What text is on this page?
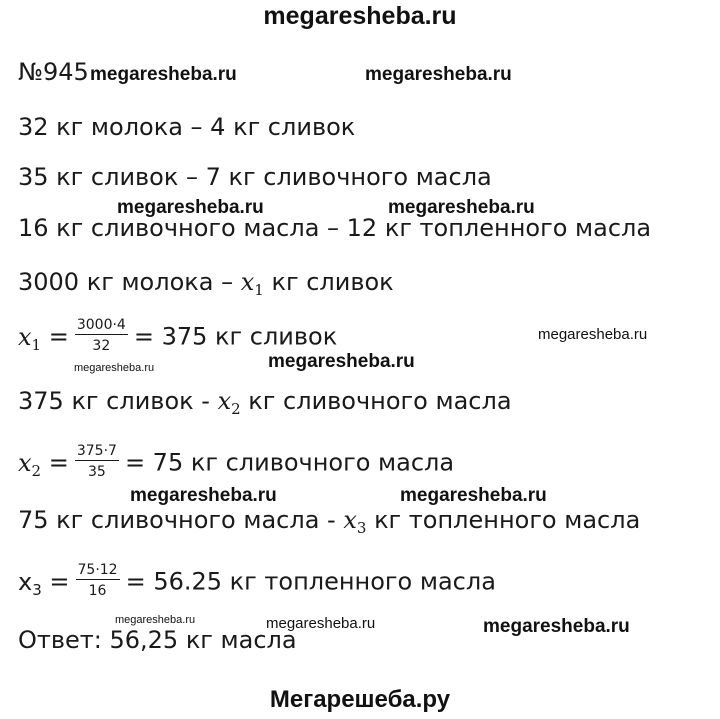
megaresheba.ru
№945
32 кг молока – 4 кг сливок
35 кг сливок – 7 кг сливочного масла
16 кг сливочного масла – 12 кг топленного масла
3000 кг молока – $x_1$ кг сливок
$x_1 = \frac{3000\cdot 4}{32} = 375$ кг сливок
375 кг сливок - $x_2$ кг сливочного масла
$x_2 = \frac{375\cdot 7}{35} = 75$ кг сливочного масла
75 кг сливочного масла - $x_3$ кг топленного масла
$x_3 = \frac{75\cdot 12}{16} = 56.25$ кг топленного масла
Ответ: 56,25 кг масла
megaresheba.ru	megaresheba.ru
megaresheba.ru	megaresheba.ru
megaresheba.ru
megaresheba.ru	megaresheba.ru
megaresheba.ru	megaresheba.ru
megaresheba.ru	megaresheba.ru	megaresheba.ru
Мегарешеба.ру
